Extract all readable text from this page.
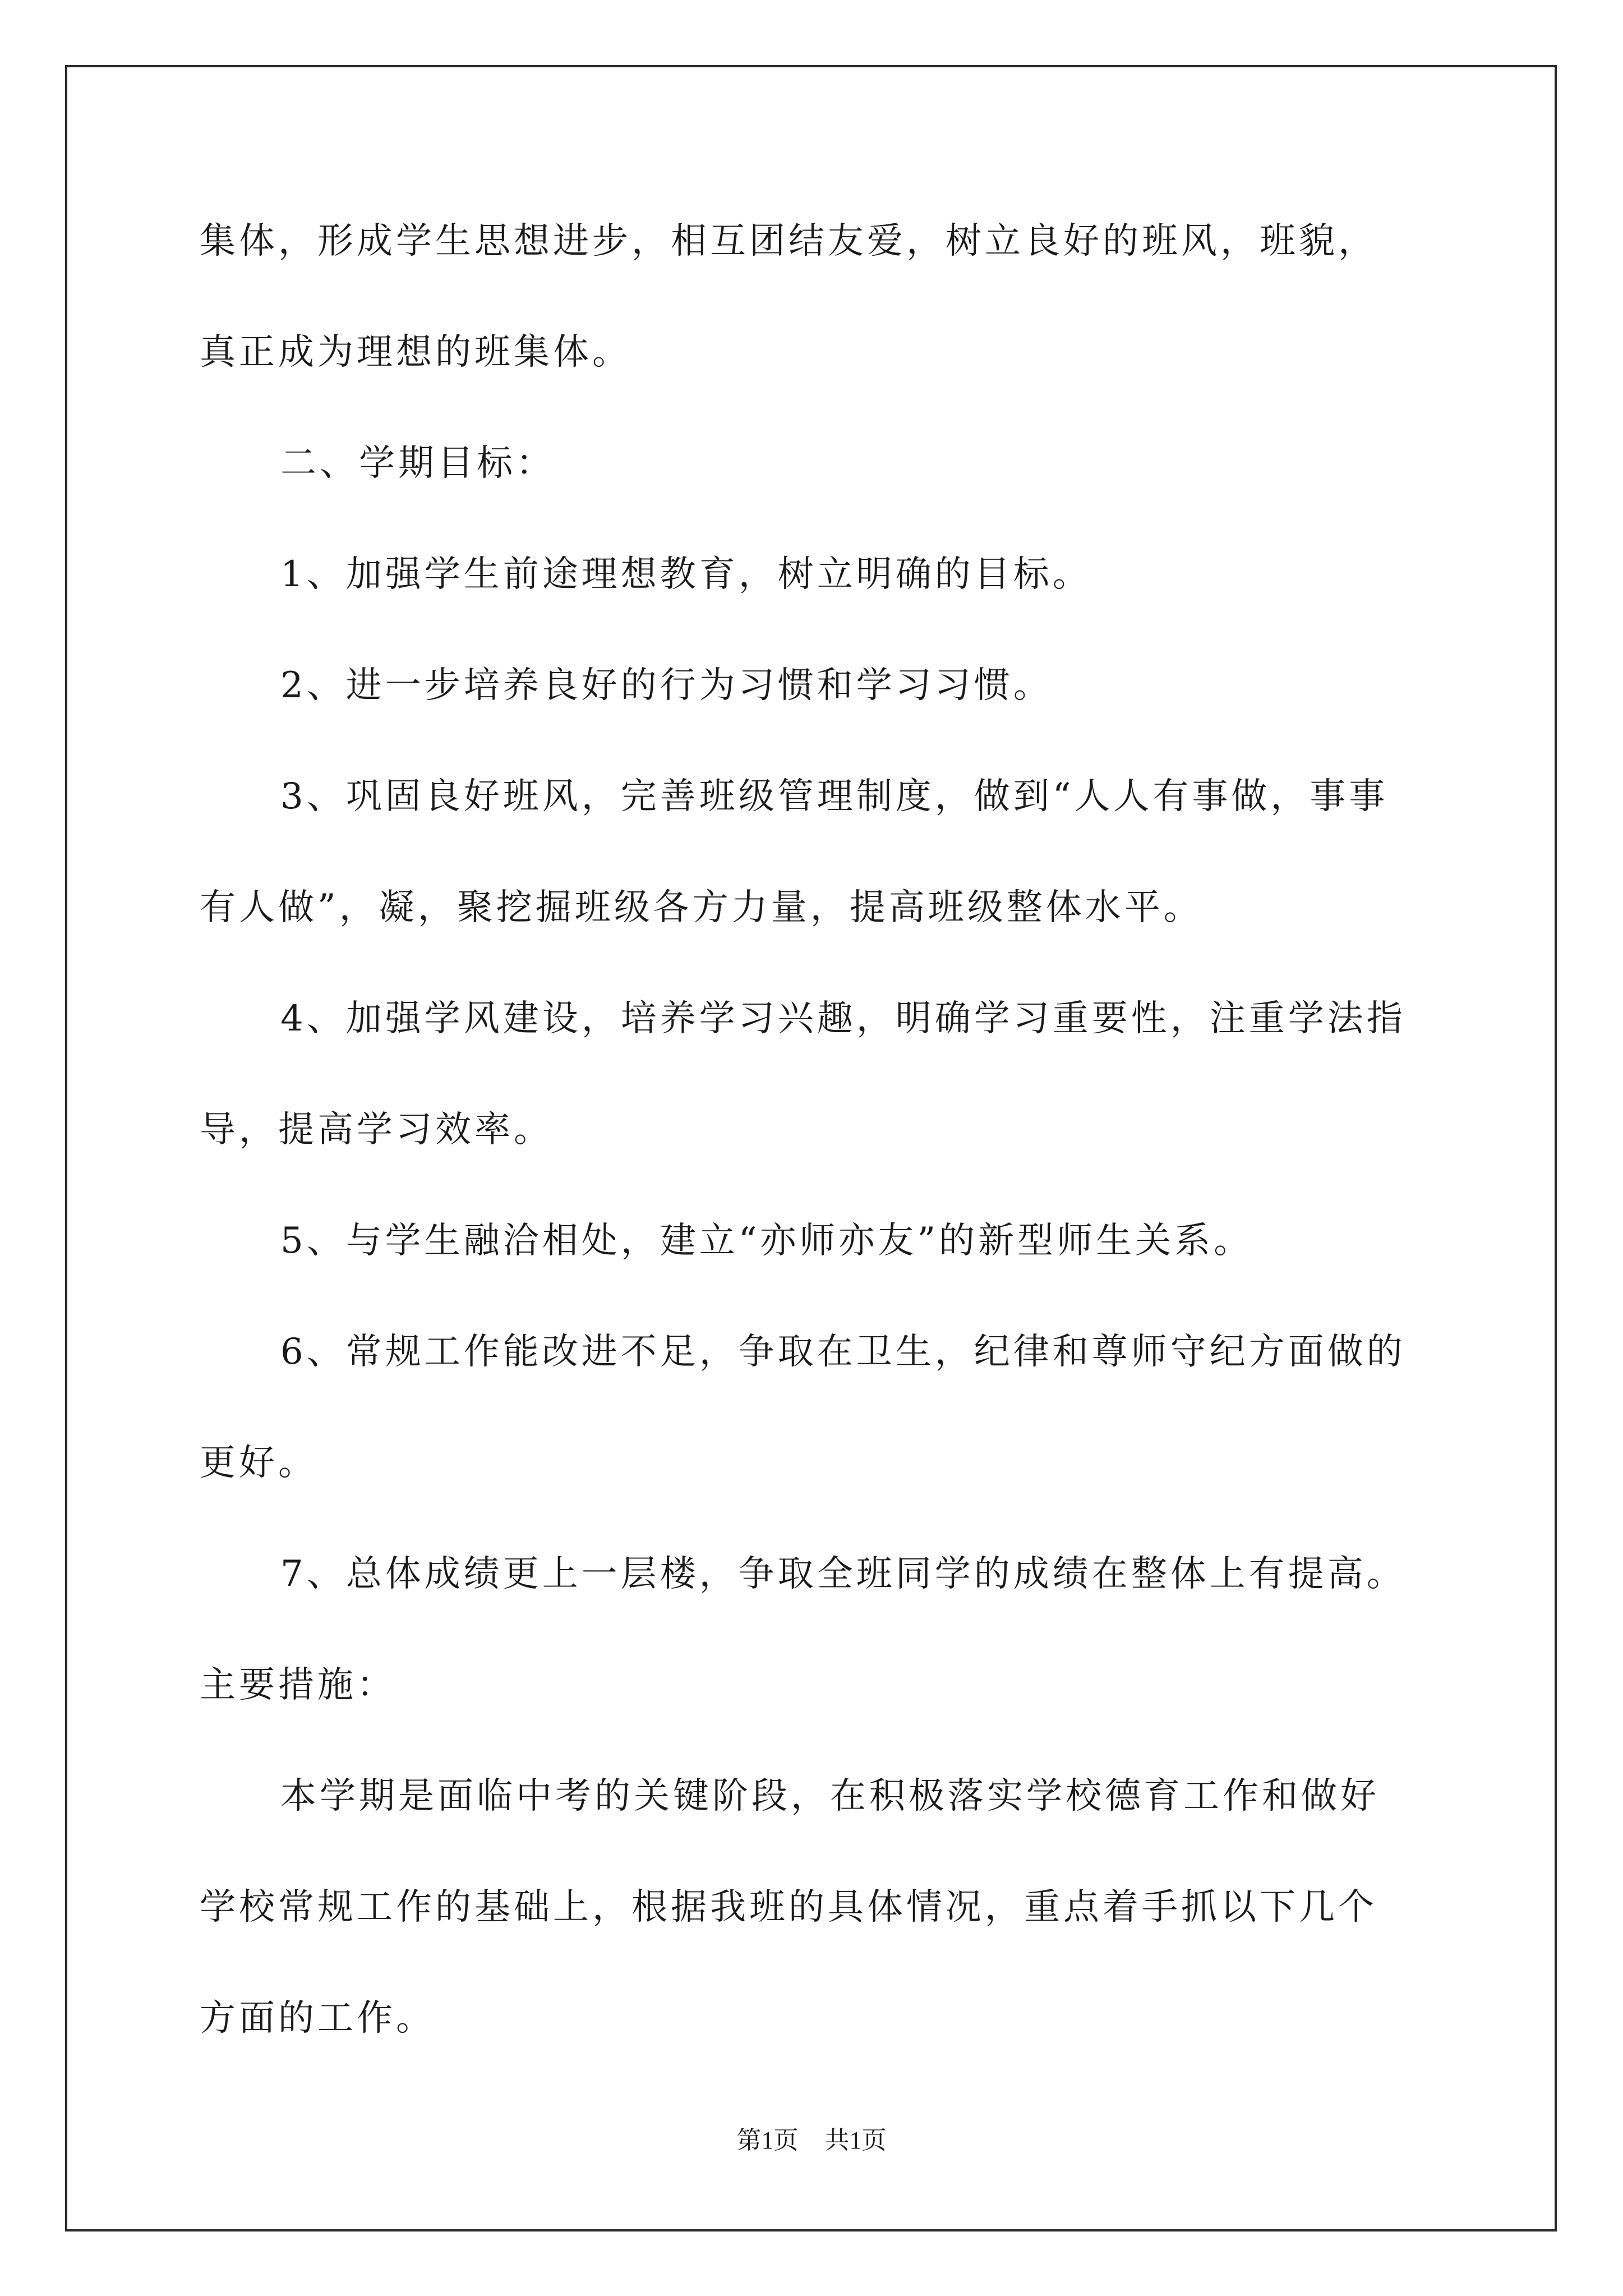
集体，形成学生思想进步，相互团结友爱，树立良好的班风，班貌，
真正成为理想的班集体。
二、学期目标：
1、加强学生前途理想教育，树立明确的目标。
2、进一步培养良好的行为习惯和学习习惯。
3、巩固良好班风，完善班级管理制度，做到“人人有事做，事事
有人做”，凝，聚挖掘班级各方力量，提高班级整体水平。
4、加强学风建设，培养学习兴趣，明确学习重要性，注重学法指
导，提高学习效率。
5、与学生融洽相处，建立“亦师亦友”的新型师生关系。
6、常规工作能改进不足，争取在卫生，纪律和尊师守纪方面做的
更好。
7、总体成绩更上一层楼，争取全班同学的成绩在整体上有提高。
主要措施：
本学期是面临中考的关键阶段，在积极落实学校德育工作和做好
学校常规工作的基础上，根据我班的具体情况，重点着手抓以下几个
方面的工作。
第1页 共1页
